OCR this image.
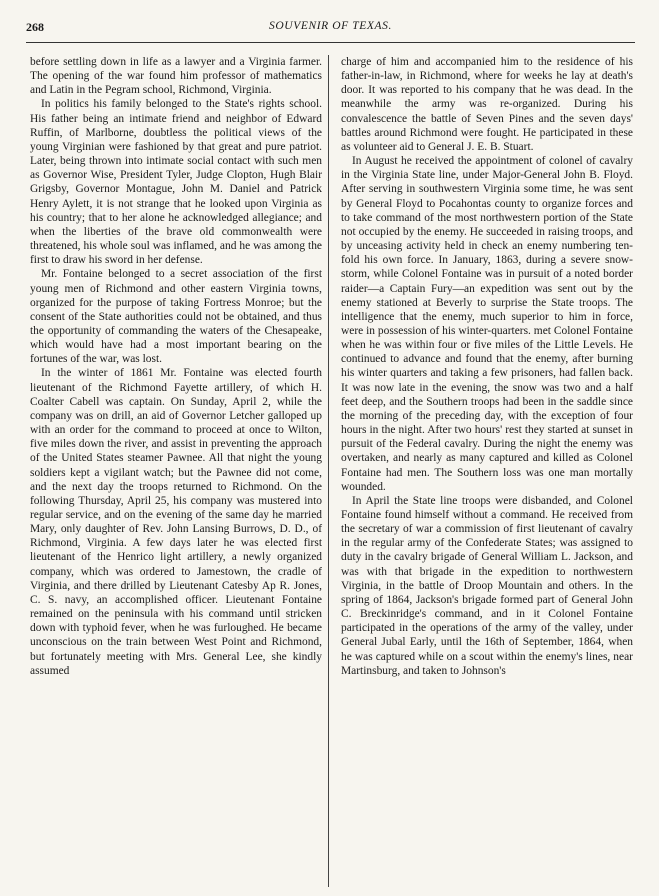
268	SOUVENIR OF TEXAS.

before settling down in life as a lawyer and a Virginia farmer. The opening of the war found him professor of mathematics and Latin in the Pegram school, Richmond, Virginia.

In politics his family belonged to the State's rights school. His father being an intimate friend and neighbor of Edward Ruffin, of Marlborne, doubtless the political views of the young Virginian were fashioned by that great and pure patriot. Later, being thrown into intimate social contact with such men as Governor Wise, President Tyler, Judge Clopton, Hugh Blair Grigsby, Governor Montague, John M. Daniel and Patrick Henry Aylett, it is not strange that he looked upon Virginia as his country; that to her alone he acknowledged allegiance; and when the liberties of the brave old commonwealth were threatened, his whole soul was inflamed, and he was among the first to draw his sword in her defense.

Mr. Fontaine belonged to a secret association of the first young men of Richmond and other eastern Virginia towns, organized for the purpose of taking Fortress Monroe; but the consent of the State authorities could not be obtained, and thus the opportunity of commanding the waters of the Chesapeake, which would have had a most important bearing on the fortunes of the war, was lost.

In the winter of 1861 Mr. Fontaine was elected fourth lieutenant of the Richmond Fayette artillery, of which H. Coalter Cabell was captain. On Sunday, April 2, while the company was on drill, an aid of Governor Letcher galloped up with an order for the command to proceed at once to Wilton, five miles down the river, and assist in preventing the approach of the United States steamer Pawnee. All that night the young soldiers kept a vigilant watch; but the Pawnee did not come, and the next day the troops returned to Richmond. On the following Thursday, April 25, his company was mustered into regular service, and on the evening of the same day he married Mary, only daughter of Rev. John Lansing Burrows, D. D., of Richmond, Virginia. A few days later he was elected first lieutenant of the Henrico light artillery, a newly organized company, which was ordered to Jamestown, the cradle of Virginia, and there drilled by Lieutenant Catesby Ap R. Jones, C. S. navy, an accomplished officer. Lieutenant Fontaine remained on the peninsula with his command until stricken down with typhoid fever, when he was furloughed. He became unconscious on the train between West Point and Richmond, but fortunately meeting with Mrs. General Lee, she kindly assumed

charge of him and accompanied him to the residence of his father-in-law, in Richmond, where for weeks he lay at death's door. It was reported to his company that he was dead. In the meanwhile the army was re-organized. During his convalescence the battle of Seven Pines and the seven days' battles around Richmond were fought. He participated in these as volunteer aid to General J. E. B. Stuart.

In August he received the appointment of colonel of cavalry in the Virginia State line, under Major-General John B. Floyd. After serving in southwestern Virginia some time, he was sent by General Floyd to Pocahontas county to organize forces and to take command of the most northwestern portion of the State not occupied by the enemy. He succeeded in raising troops, and by unceasing activity held in check an enemy numbering ten-fold his own force. In January, 1863, during a severe snow-storm, while Colonel Fontaine was in pursuit of a noted border raider—a Captain Fury—an expedition was sent out by the enemy stationed at Beverly to surprise the State troops. The intelligence that the enemy, much superior to him in force, were in possession of his winter-quarters. met Colonel Fontaine when he was within four or five miles of the Little Levels. He continued to advance and found that the enemy, after burning his winter quarters and taking a few prisoners, had fallen back. It was now late in the evening, the snow was two and a half feet deep, and the Southern troops had been in the saddle since the morning of the preceding day, with the exception of four hours in the night. After two hours' rest they started at sunset in pursuit of the Federal cavalry. During the night the enemy was overtaken, and nearly as many captured and killed as Colonel Fontaine had men. The Southern loss was one man mortally wounded.

In April the State line troops were disbanded, and Colonel Fontaine found himself without a command. He received from the secretary of war a commission of first lieutenant of cavalry in the regular army of the Confederate States; was assigned to duty in the cavalry brigade of General William L. Jackson, and was with that brigade in the expedition to northwestern Virginia, in the battle of Droop Mountain and others. In the spring of 1864, Jackson's brigade formed part of General John C. Breckinridge's command, and in it Colonel Fontaine participated in the operations of the army of the valley, under General Jubal Early, until the 16th of September, 1864, when he was captured while on a scout within the enemy's lines, near Martinsburg, and taken to Johnson's
